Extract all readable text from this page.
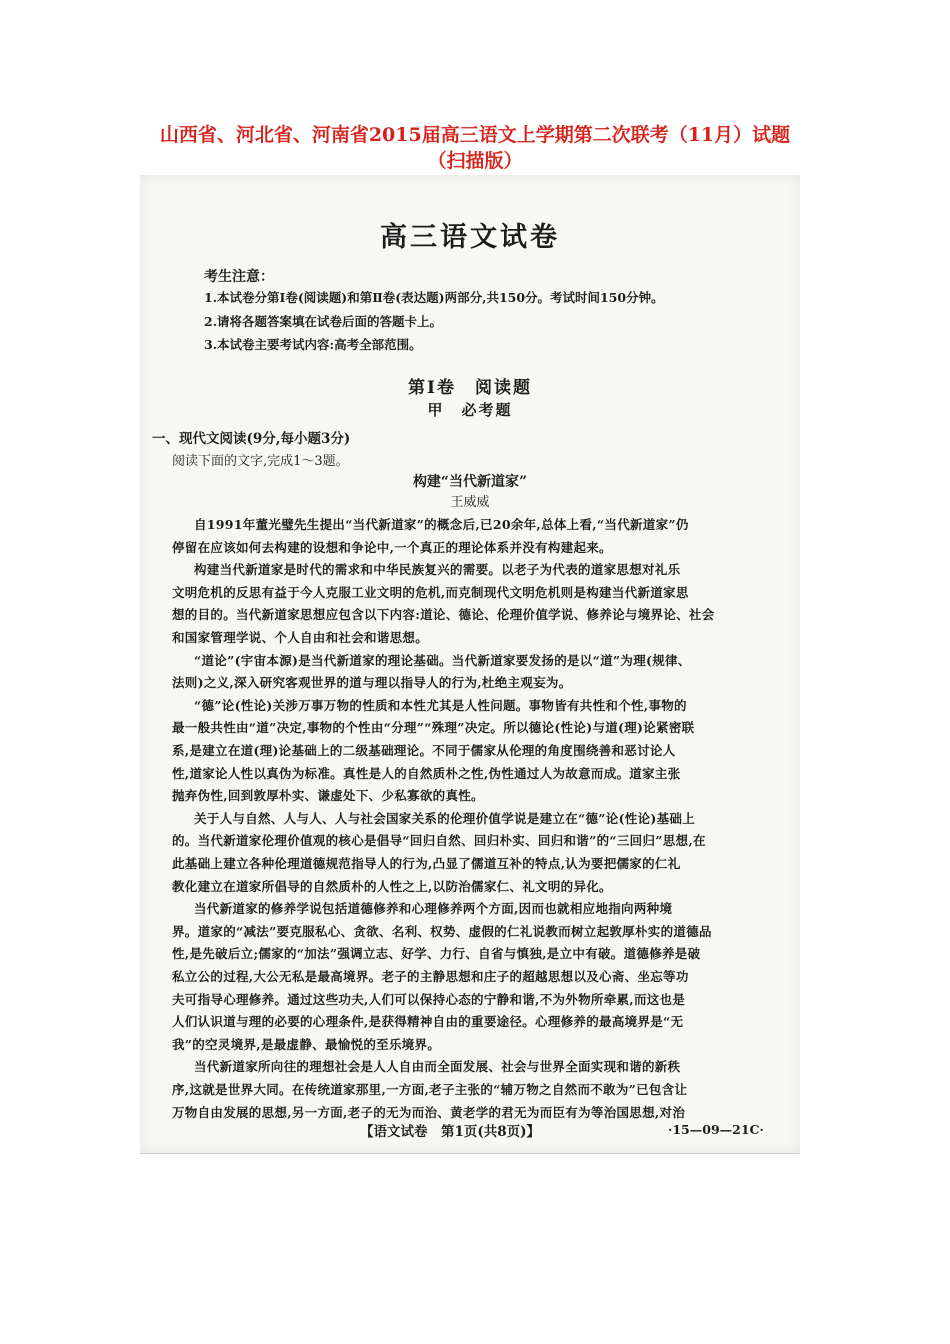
山西省、河北省、河南省2015届高三语文上学期第二次联考（11月）试题（扫描版）
高三语文试卷
考生注意：
1.本试卷分第Ⅰ卷(阅读题)和第Ⅱ卷(表达题)两部分,共150分。考试时间150分钟。
2.请将各题答案填在试卷后面的答题卡上。
3.本试卷主要考试内容:高考全部范围。
第Ⅰ卷　阅读题
甲　必考题
一、现代文阅读(9分,每小题3分)
阅读下面的文字,完成1～3题。
构建“当代新道家”
王威威
自1991年董光璧先生提出“当代新道家”的概念后,已20余年,总体上看,“当代新道家”仍
停留在应该如何去构建的设想和争论中,一个真正的理论体系并没有构建起来。
构建当代新道家是时代的需求和中华民族复兴的需要。以老子为代表的道家思想对礼乐
文明危机的反思有益于今人克服工业文明的危机,而克制现代文明危机则是构建当代新道家思
想的目的。当代新道家思想应包含以下内容:道论、德论、伦理价值学说、修养论与境界论、社会
和国家管理学说、个人自由和社会和谐思想。
“道论”(宇宙本源)是当代新道家的理论基础。当代新道家要发扬的是以“道”为理(规律、
法则)之义,深入研究客观世界的道与理以指导人的行为,杜绝主观妄为。
“德”论(性论)关涉万事万物的性质和本性尤其是人性问题。事物皆有共性和个性,事物的
最一般共性由“道”决定,事物的个性由“分理”“殊理”决定。所以德论(性论)与道(理)论紧密联
系,是建立在道(理)论基础上的二级基础理论。不同于儒家从伦理的角度围绕善和恶讨论人
性,道家论人性以真伪为标准。真性是人的自然质朴之性,伪性通过人为故意而成。道家主张
抛弃伪性,回到敦厚朴实、谦虚处下、少私寡欲的真性。
关于人与自然、人与人、人与社会国家关系的伦理价值学说是建立在“德”论(性论)基础上
的。当代新道家伦理价值观的核心是倡导“回归自然、回归朴实、回归和谐”的“三回归”思想,在
此基础上建立各种伦理道德规范指导人的行为,凸显了儒道互补的特点,认为要把儒家的仁礼
教化建立在道家所倡导的自然质朴的人性之上,以防治儒家仁、礼文明的异化。
当代新道家的修养学说包括道德修养和心理修养两个方面,因而也就相应地指向两种境
界。道家的“减法”要克服私心、贪欲、名利、权势、虚假的仁礼说教而树立起敦厚朴实的道德品
性,是先破后立;儒家的“加法”强调立志、好学、力行、自省与慎独,是立中有破。道德修养是破
私立公的过程,大公无私是最高境界。老子的主静思想和庄子的超越思想以及心斋、坐忘等功
夫可指导心理修养。通过这些功夫,人们可以保持心态的宁静和谐,不为外物所牵累,而这也是
人们认识道与理的必要的心理条件,是获得精神自由的重要途径。心理修养的最高境界是“无
我”的空灵境界,是最虚静、最愉悦的至乐境界。
当代新道家所向往的理想社会是人人自由而全面发展、社会与世界全面实现和谐的新秩
序,这就是世界大同。在传统道家那里,一方面,老子主张的“辅万物之自然而不敢为”已包含让
万物自由发展的思想,另一方面,老子的无为而治、黄老学的君无为而臣有为等治国思想,对治
【语文试卷　第1页(共8页)】	·15—09—21C·
